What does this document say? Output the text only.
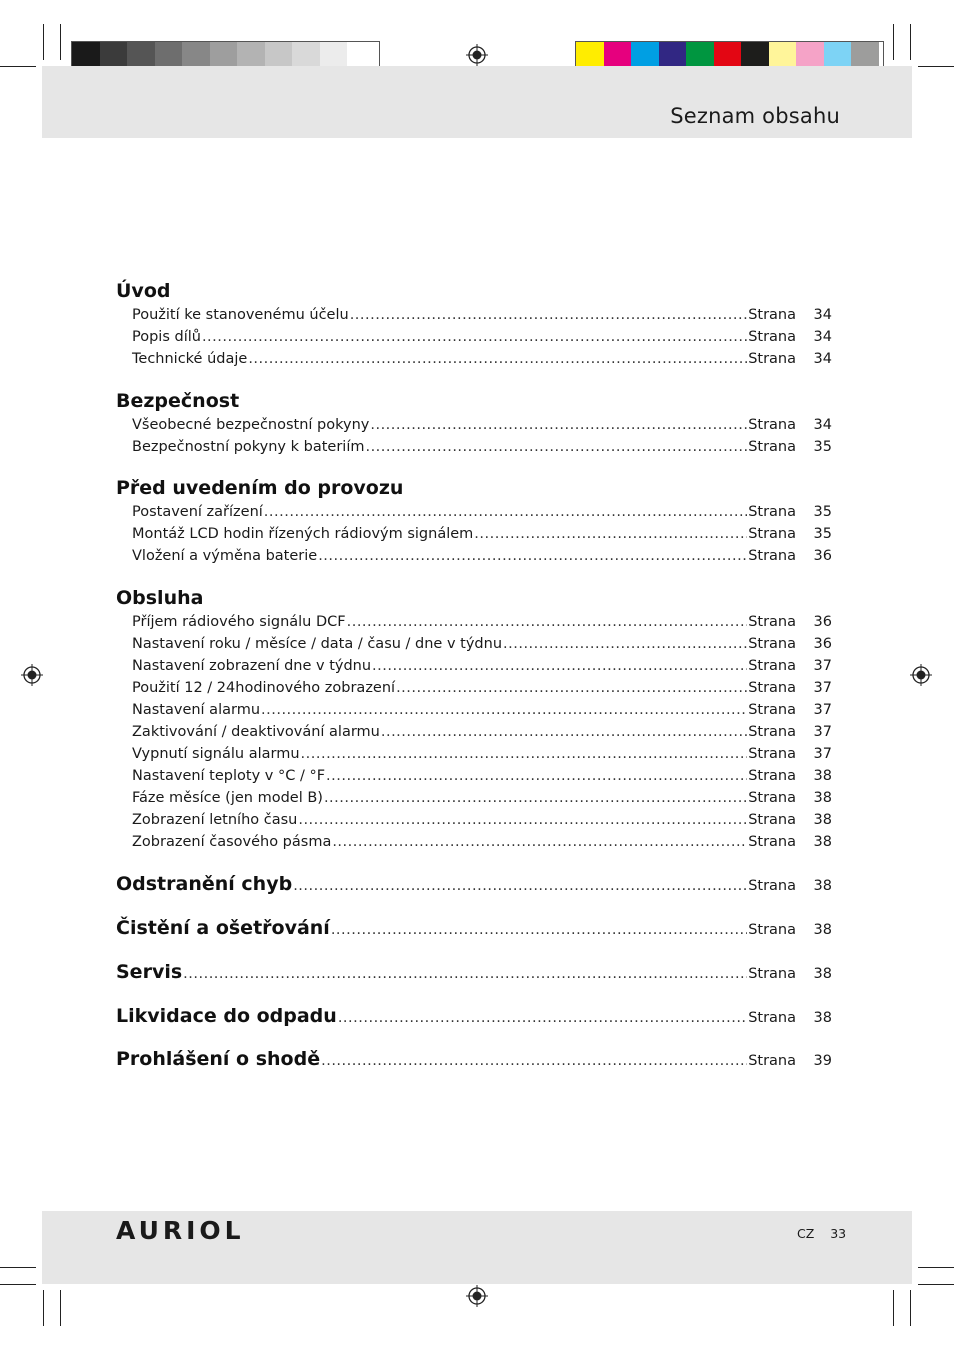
Seznam obsahu
Úvod
Použití ke stanovenému účelu .....	Strana	34
Popis dílů .....	Strana	34
Technické údaje .....	Strana	34
Bezpečnost
Všeobecné bezpečnostní pokyny .....	Strana	34
Bezpečnostní pokyny k bateriím .....	Strana	35
Před uvedením do provozu
Postavení zařízení .....	Strana	35
Montáž LCD hodin řízených rádiovým signálem .....	Strana	35
Vložení a výměna baterie .....	Strana	36
Obsluha
Příjem rádiového signálu DCF .....	Strana	36
Nastavení roku / měsíce / data / času / dne v týdnu .....	Strana	36
Nastavení zobrazení dne v týdnu .....	Strana	37
Použití 12 / 24hodinového zobrazení .....	Strana	37
Nastavení alarmu .....	Strana	37
Zaktivování / deaktivování alarmu .....	Strana	37
Vypnutí signálu alarmu .....	Strana	37
Nastavení teploty v °C / °F .....	Strana	38
Fáze měsíce (jen model B) .....	Strana	38
Zobrazení letního času .....	Strana	38
Zobrazení časového pásma .....	Strana	38
Odstranění chyb .....	Strana	38
Čistění a ošetřování .....	Strana	38
Servis .....	Strana	38
Likvidace do odpadu .....	Strana	38
Prohlášení o shodě .....	Strana	39
AURIOL	CZ 33
